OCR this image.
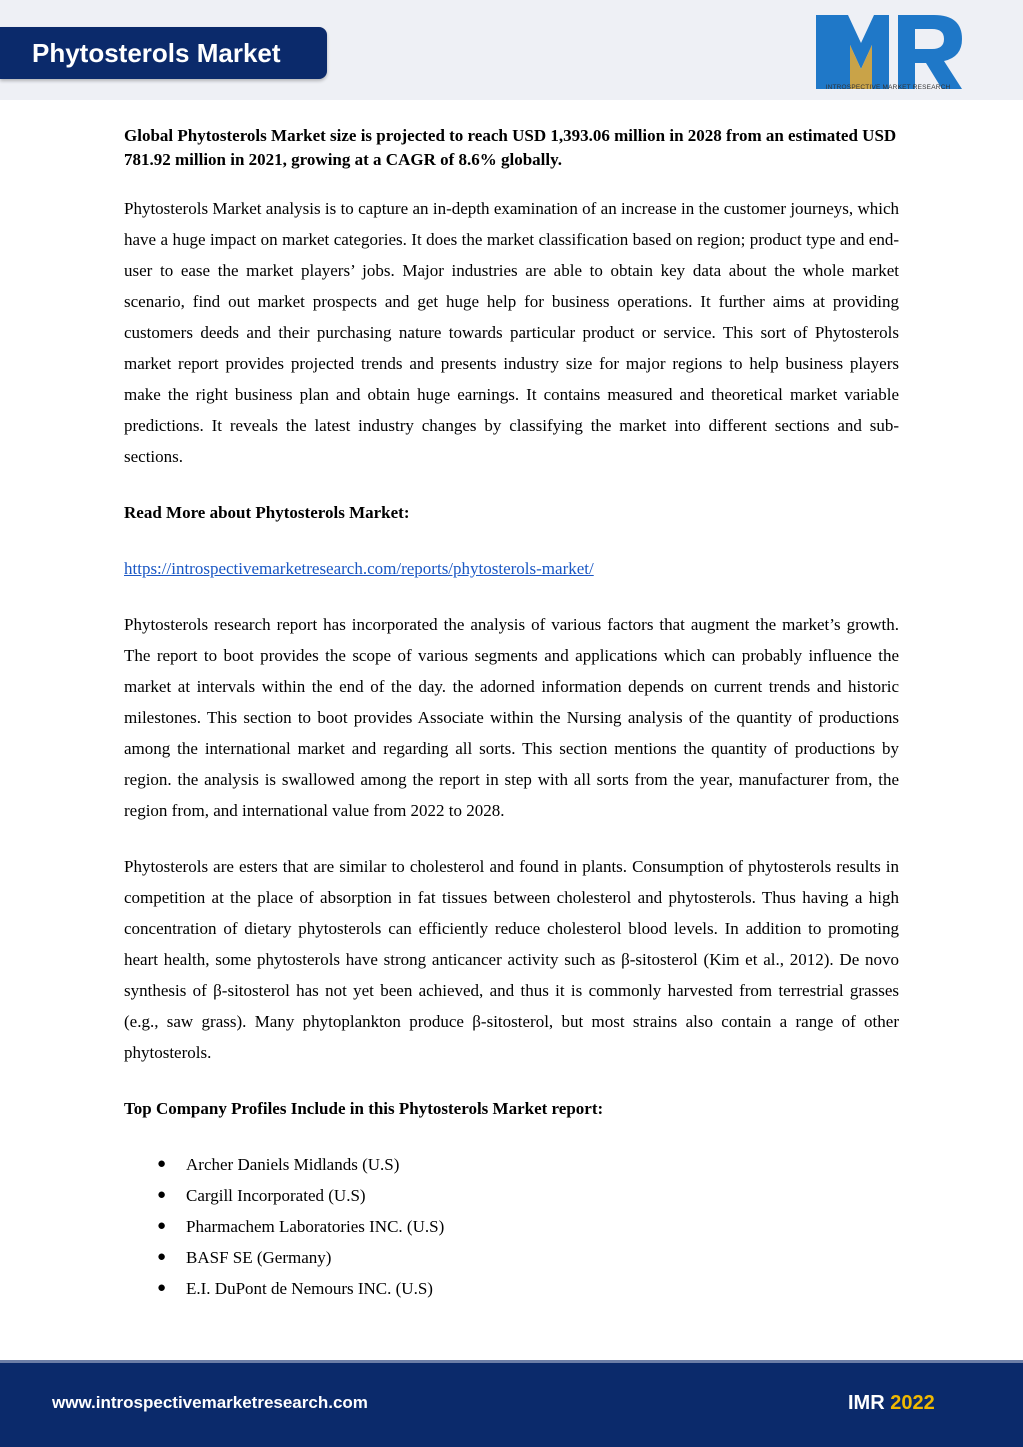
Phytosterols Market
INTROSPECTIVE MARKET RESEARCH

Global Phytosterols Market size is projected to reach USD 1,393.06 million in 2028 from an estimated USD 781.92 million in 2021, growing at a CAGR of 8.6% globally.

Phytosterols Market analysis is to capture an in-depth examination of an increase in the customer journeys, which have a huge impact on market categories. It does the market classification based on region; product type and end-user to ease the market players’ jobs. Major industries are able to obtain key data about the whole market scenario, find out market prospects and get huge help for business operations. It further aims at providing customers deeds and their purchasing nature towards particular product or service. This sort of Phytosterols market report provides projected trends and presents industry size for major regions to help business players make the right business plan and obtain huge earnings. It contains measured and theoretical market variable predictions. It reveals the latest industry changes by classifying the market into different sections and sub-sections.

Read More about Phytosterols Market:

https://introspectivemarketresearch.com/reports/phytosterols-market/

Phytosterols research report has incorporated the analysis of various factors that augment the market’s growth. The report to boot provides the scope of various segments and applications which can probably influence the market at intervals within the end of the day. the adorned information depends on current trends and historic milestones. This section to boot provides Associate within the Nursing analysis of the quantity of productions among the international market and regarding all sorts. This section mentions the quantity of productions by region. the analysis is swallowed among the report in step with all sorts from the year, manufacturer from, the region from, and international value from 2022 to 2028.

Phytosterols are esters that are similar to cholesterol and found in plants. Consumption of phytosterols results in competition at the place of absorption in fat tissues between cholesterol and phytosterols. Thus having a high concentration of dietary phytosterols can efficiently reduce cholesterol blood levels. In addition to promoting heart health, some phytosterols have strong anticancer activity such as β-sitosterol (Kim et al., 2012). De novo synthesis of β-sitosterol has not yet been achieved, and thus it is commonly harvested from terrestrial grasses (e.g., saw grass). Many phytoplankton produce β-sitosterol, but most strains also contain a range of other phytosterols.

Top Company Profiles Include in this Phytosterols Market report:

● Archer Daniels Midlands (U.S)
● Cargill Incorporated (U.S)
● Pharmachem Laboratories INC. (U.S)
● BASF SE (Germany)
● E.I. DuPont de Nemours INC. (U.S)
www.introspectivemarketresearch.com	IMR 2022
